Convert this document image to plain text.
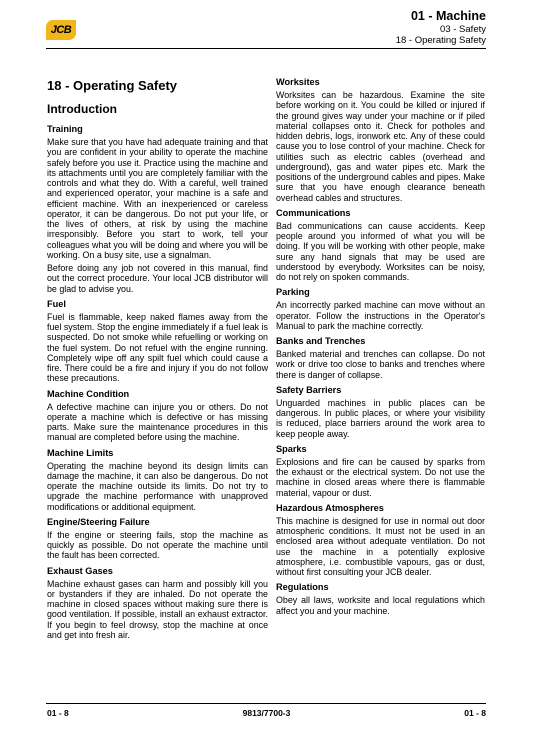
JCB
01 - Machine
03 - Safety
18 - Operating Safety
18 - Operating Safety
Introduction
Training

Make sure that you have had adequate training and that you are confident in your ability to operate the machine safely before you use it. Practice using the machine and its attachments until you are completely familiar with the controls and what they do. With a careful, well trained and experienced operator, your machine is a safe and efficient machine. With an inexperienced or careless operator, it can be dangerous. Do not put your life, or the lives of others, at risk by using the machine irresponsibly. Before you start to work, tell your colleagues what you will be doing and where you will be working. On a busy site, use a signalman.

Before doing any job not covered in this manual, find out the correct procedure. Your local JCB distributor will be glad to advise you.

Fuel

Fuel is flammable, keep naked flames away from the fuel system. Stop the engine immediately if a fuel leak is suspected. Do not smoke while refuelling or working on the fuel system. Do not refuel with the engine running. Completely wipe off any spilt fuel which could cause a fire. There could be a fire and injury if you do not follow these precautions.

Machine Condition

A defective machine can injure you or others. Do not operate a machine which is defective or has missing parts. Make sure the maintenance procedures in this manual are completed before using the machine.

Machine Limits

Operating the machine beyond its design limits can damage the machine, it can also be dangerous. Do not operate the machine outside its limits. Do not try to upgrade the machine performance with unapproved modifications or additional equipment.

Engine/Steering Failure

If the engine or steering fails, stop the machine as quickly as possible. Do not operate the machine until the fault has been corrected.

Exhaust Gases

Machine exhaust gases can harm and possibly kill you or bystanders if they are inhaled. Do not operate the machine in closed spaces without making sure there is good ventilation. If possible, install an exhaust extractor. If you begin to feel drowsy, stop the machine at once and get into fresh air.

Worksites

Worksites can be hazardous. Examine the site before working on it. You could be killed or injured if the ground gives way under your machine or if piled material collapses onto it. Check for potholes and hidden debris, logs, ironwork etc. Any of these could cause you to lose control of your machine. Check for utilities such as electric cables (overhead and underground), gas and water pipes etc. Mark the positions of the underground cables and pipes. Make sure that you have enough clearance beneath overhead cables and structures.

Communications

Bad communications can cause accidents. Keep people around you informed of what you will be doing. If you will be working with other people, make sure any hand signals that may be used are understood by everybody. Worksites can be noisy, do not rely on spoken commands.

Parking

An incorrectly parked machine can move without an operator. Follow the instructions in the Operator's Manual to park the machine correctly.

Banks and Trenches

Banked material and trenches can collapse. Do not work or drive too close to banks and trenches where there is danger of collapse.

Safety Barriers

Unguarded machines in public places can be dangerous. In public places, or where your visibility is reduced, place barriers around the work area to keep people away.

Sparks

Explosions and fire can be caused by sparks from the exhaust or the electrical system. Do not use the machine in closed areas where there is flammable material, vapour or dust.

Hazardous Atmospheres

This machine is designed for use in normal out door atmospheric conditions. It must not be used in an enclosed area without adequate ventilation. Do not use the machine in a potentially explosive atmosphere, i.e. combustible vapours, gas or dust, without first consulting your JCB dealer.

Regulations

Obey all laws, worksite and local regulations which affect you and your machine.

01 - 8	9813/7700-3	01 - 8
